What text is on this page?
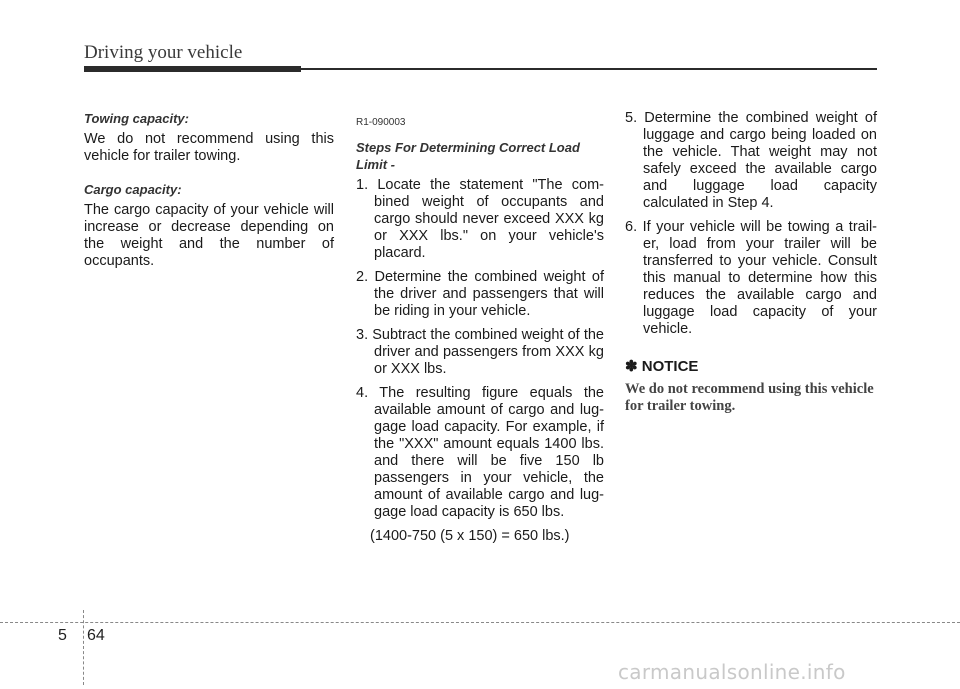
Driving your vehicle
Towing capacity:

We do not recommend using this vehicle for trailer towing.

Cargo capacity:

The cargo capacity of your vehicle will increase or decrease depending on the weight and the number of occupants.

R1-090003
Steps For Determining Correct Load Limit -

1. Locate the statement "The com-bined weight of occupants and cargo should never exceed XXX kg or XXX lbs." on your vehicle's placard.

2. Determine the combined weight of the driver and passengers that will be riding in your vehicle.

3. Subtract the combined weight of the driver and passengers from XXX kg or XXX lbs.

4. The resulting figure equals the available amount of cargo and lug-gage load capacity. For example, if the "XXX" amount equals 1400 lbs. and there will be five 150 lb passengers in your vehicle, the amount of available cargo and lug-gage load capacity is 650 lbs.

(1400-750 (5 x 150) = 650 lbs.)

5. Determine the combined weight of luggage and cargo being loaded on the vehicle. That weight may not safely exceed the available cargo and luggage load capacity calculated in Step 4.

6. If your vehicle will be towing a trail-er, load from your trailer will be transferred to your vehicle. Consult this manual to determine how this reduces the available cargo and luggage load capacity of your vehicle.

✽ NOTICE
We do not recommend using this vehicle for trailer towing.
5 64
carmanualsonline.info
